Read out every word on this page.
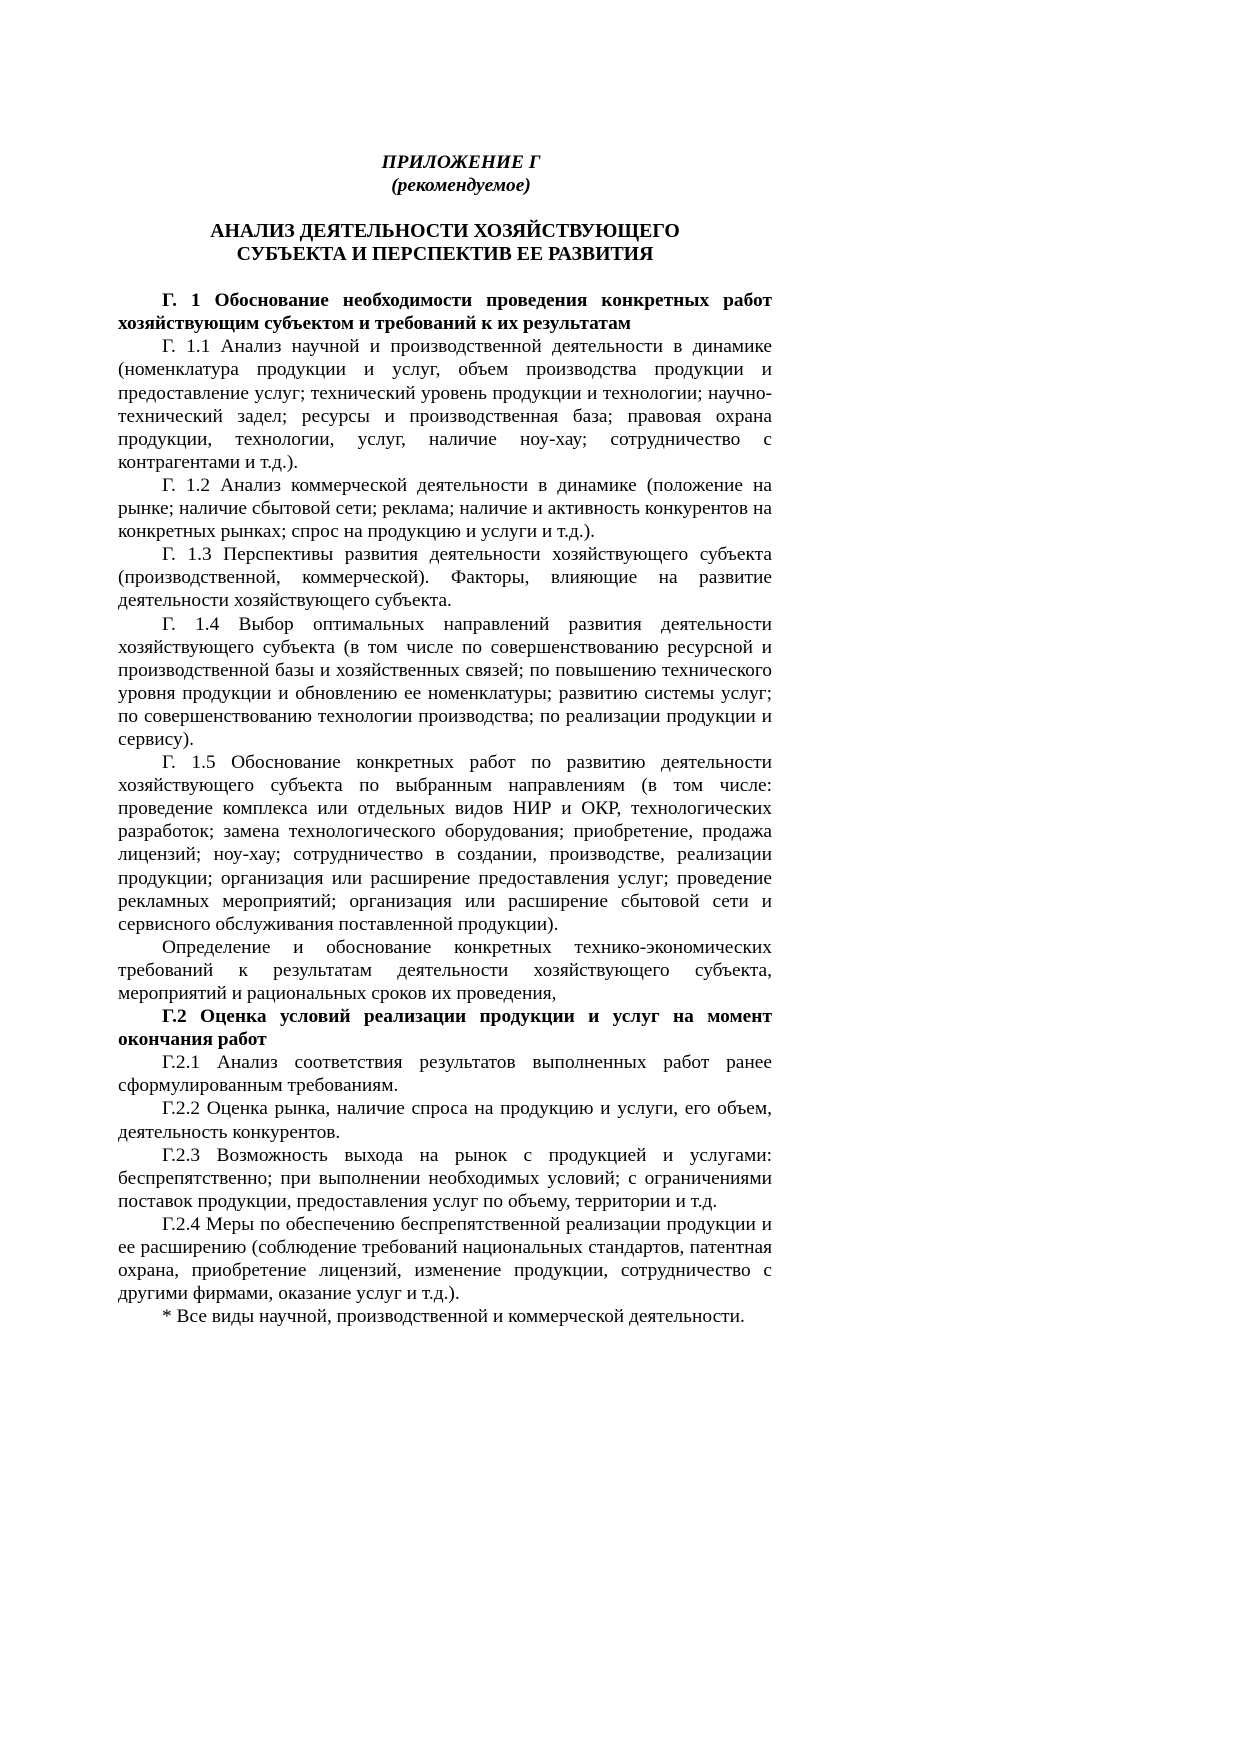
ПРИЛОЖЕНИЕ Г
(рекомендуемое)
АНАЛИЗ ДЕЯТЕЛЬНОСТИ ХОЗЯЙСТВУЮЩЕГО
СУБЪЕКТА И ПЕРСПЕКТИВ ЕЕ РАЗВИТИЯ

Г. 1 Обоснование необходимости проведения конкретных работ хозяйствующим субъектом и требований к их результатам

Г. 1.1 Анализ научной и производственной деятельности в динамике (номенклатура продукции и услуг, объем производства продукции и предоставление услуг; технический уровень продукции и технологии; научно-технический задел; ресурсы и производственная база; правовая охрана продукции, технологии, услуг, наличие ноу-хау; сотрудничество с контрагентами и т.д.).

Г. 1.2 Анализ коммерческой деятельности в динамике (положение на рынке; наличие сбытовой сети; реклама; наличие и активность конкурентов на конкретных рынках; спрос на продукцию и услуги и т.д.).

Г. 1.3 Перспективы развития деятельности хозяйствующего субъекта (производственной, коммерческой). Факторы, влияющие на развитие деятельности хозяйствующего субъекта.

Г. 1.4 Выбор оптимальных направлений развития деятельности хозяйствующего субъекта (в том числе по совершенствованию ресурсной и производственной базы и хозяйственных связей; по повышению технического уровня продукции и обновлению ее номенклатуры; развитию системы услуг; по совершенствованию технологии производства; по реализации продукции и сервису).

Г. 1.5 Обоснование конкретных работ по развитию деятельности хозяйствующего субъекта по выбранным направлениям (в том числе: проведение комплекса или отдельных видов НИР и ОКР, технологических разработок; замена технологического оборудования; приобретение, продажа лицензий; ноу-хау; сотрудничество в создании, производстве, реализации продукции; организация или расширение предоставления услуг; проведение рекламных мероприятий; организация или расширение сбытовой сети и сервисного обслуживания поставленной продукции).

Определение и обоснование конкретных технико-экономических требований к результатам деятельности хозяйствующего субъекта, мероприятий и рациональных сроков их проведения,

Г.2 Оценка условий реализации продукции и услуг на момент окончания работ

Г.2.1 Анализ соответствия результатов выполненных работ ранее сформулированным требованиям.

Г.2.2 Оценка рынка, наличие спроса на продукцию и услуги, его объем, деятельность конкурентов.

Г.2.3 Возможность выхода на рынок с продукцией и услугами: беспрепятственно; при выполнении необходимых условий; с ограничениями поставок продукции, предоставления услуг по объему, территории и т.д.

Г.2.4 Меры по обеспечению беспрепятственной реализации продукции и ее расширению (соблюдение требований национальных стандартов, патентная охрана, приобретение лицензий, изменение продукции, сотрудничество с другими фирмами, оказание услуг и т.д.).

* Все виды научной, производственной и коммерческой деятельности.
